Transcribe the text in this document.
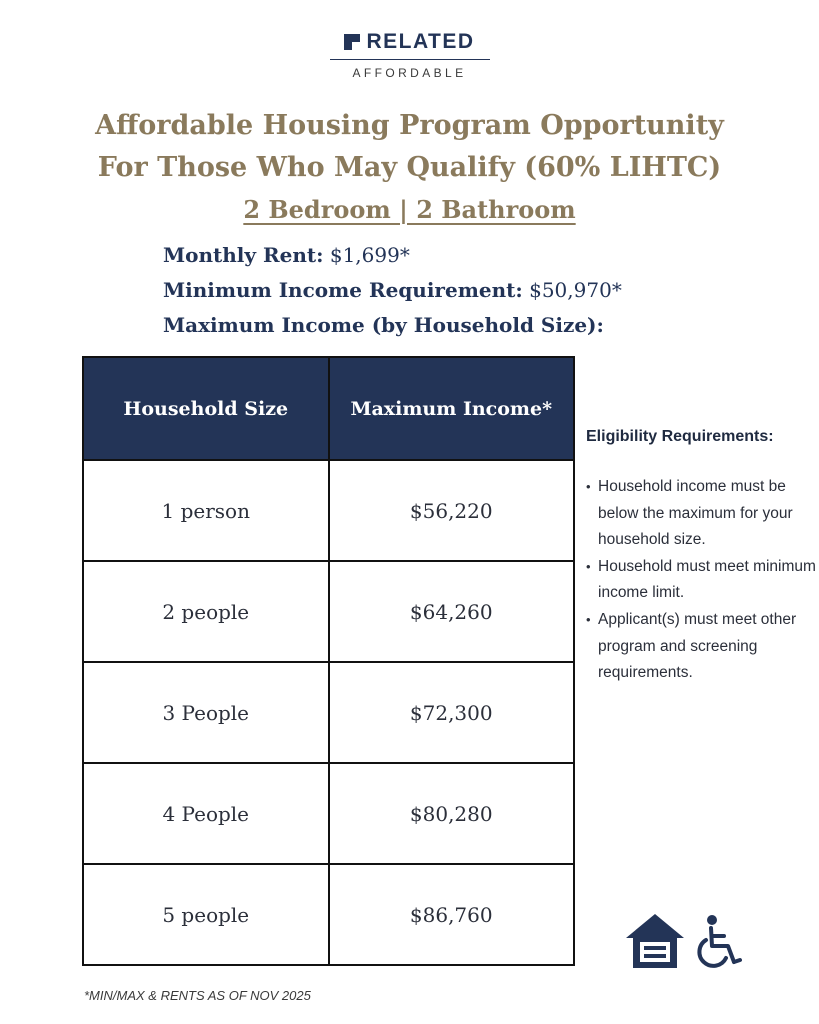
RELATED
AFFORDABLE
Affordable Housing Program Opportunity
For Those Who May Qualify (60% LIHTC)
2 Bedroom | 2 Bathroom
Monthly Rent: $1,699*
Minimum Income Requirement: $50,970*
Maximum Income (by Household Size):
Household Size	Maximum Income*
1 person	$56,220
2 people	$64,260
3 People	$72,300
4 People	$80,280
5 people	$86,760
Eligibility Requirements:
• Household income must be below the maximum for your household size.
• Household must meet minimum income limit.
• Applicant(s) must meet other program and screening requirements.
*MIN/MAX & RENTS AS OF NOV 2025
